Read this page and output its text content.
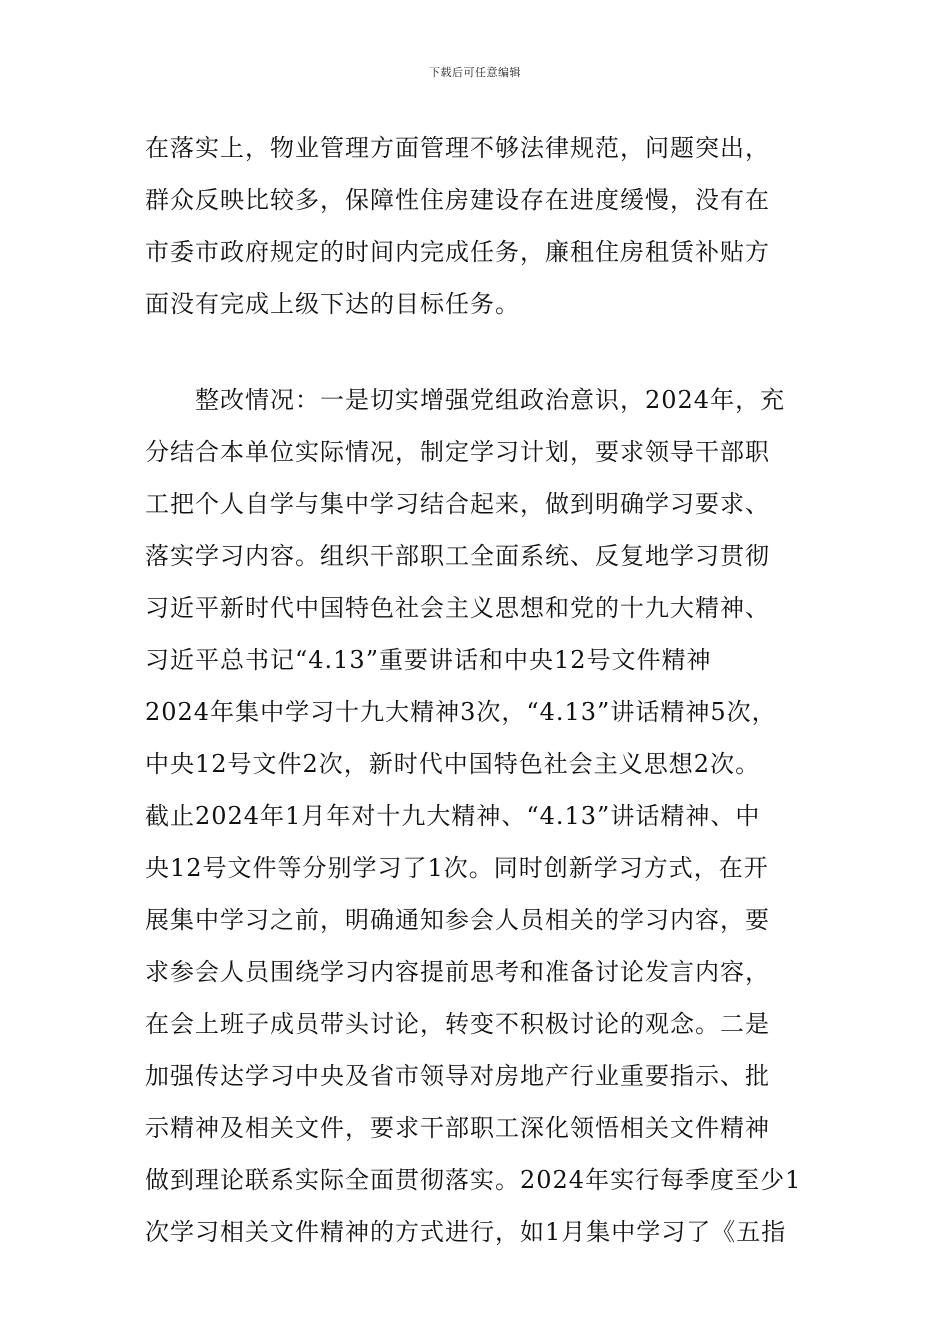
下载后可任意编辑
在落实上，物业管理方面管理不够法律规范，问题突出，
群众反映比较多，保障性住房建设存在进度缓慢，没有在
市委市政府规定的时间内完成任务，廉租住房租赁补贴方
面没有完成上级下达的目标任务。
　　整改情况：一是切实增强党组政治意识，2024年，充
分结合本单位实际情况，制定学习计划，要求领导干部职
工把个人自学与集中学习结合起来，做到明确学习要求、
落实学习内容。组织干部职工全面系统、反复地学习贯彻
习近平新时代中国特色社会主义思想和党的十九大精神、
习近平总书记“4.13”重要讲话和中央12号文件精神
2024年集中学习十九大精神3次，“4.13”讲话精神5次，
中央12号文件2次，新时代中国特色社会主义思想2次。
截止2024年1月年对十九大精神、“4.13”讲话精神、中
央12号文件等分别学习了1次。同时创新学习方式，在开
展集中学习之前，明确通知参会人员相关的学习内容，要
求参会人员围绕学习内容提前思考和准备讨论发言内容，
在会上班子成员带头讨论，转变不积极讨论的观念。二是
加强传达学习中央及省市领导对房地产行业重要指示、批
示精神及相关文件，要求干部职工深化领悟相关文件精神
做到理论联系实际全面贯彻落实。2024年实行每季度至少1
次学习相关文件精神的方式进行，如1月集中学习了《五指
